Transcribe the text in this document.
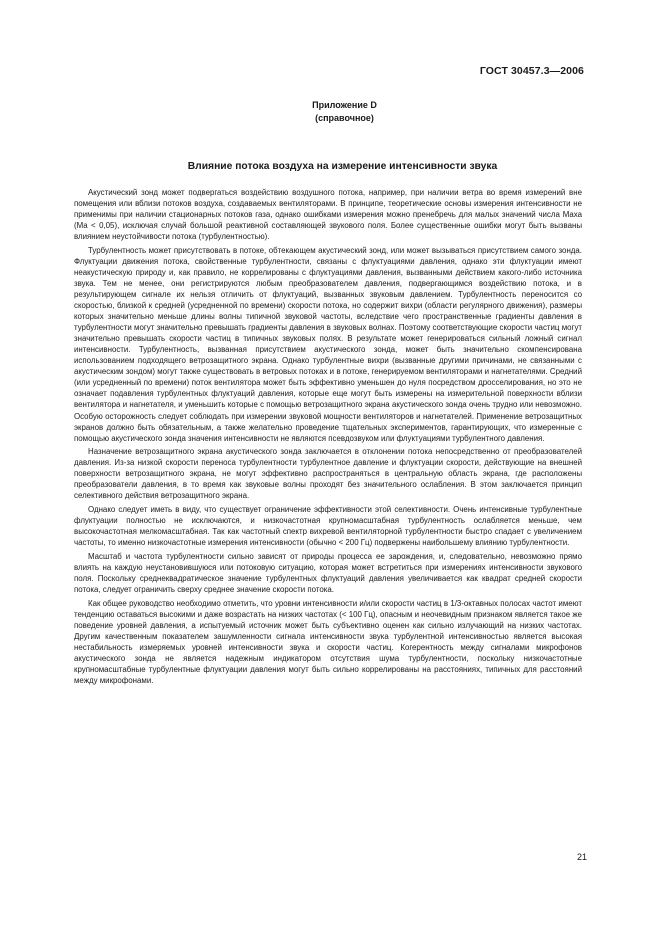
ГОСТ 30457.3—2006
Приложение D
(справочное)
Влияние потока воздуха на измерение интенсивности звука

Акустический зонд может подвергаться воздействию воздушного потока, например, при наличии ветра во время измерений вне помещения или вблизи потоков воздуха, создаваемых вентиляторами. В принципе, теоретические основы измерения интенсивности не применимы при наличии стационарных потоков газа, однако ошибками измерения можно пренебречь для малых значений числа Маха (Ma < 0,05), исключая случай большой реактивной составляющей звукового поля. Более существенные ошибки могут быть вызваны влиянием неустойчивости потока (турбулентностью).

Турбулентность может присутствовать в потоке, обтекающем акустический зонд, или может вызываться присутствием самого зонда. Флуктуации движения потока, свойственные турбулентности, связаны с флуктуациями давления, однако эти флуктуации имеют неакустическую природу и, как правило, не коррелированы с флуктуациями давления, вызванными действием какого-либо источника звука. Тем не менее, они регистрируются любым преобразователем давления, подвергающимся воздействию потока, и в результирующем сигнале их нельзя отличить от флуктуаций, вызванных звуковым давлением. Турбулентность переносится со скоростью, близкой к средней (усредненной по времени) скорости потока, но содержит вихри (области регулярного движения), размеры которых значительно меньше длины волны типичной звуковой частоты, вследствие чего пространственные градиенты давления в турбулентности могут значительно превышать градиенты давления в звуковых волнах. Поэтому соответствующие скорости частиц могут значительно превышать скорости частиц в типичных звуковых полях. В результате может генерироваться сильный ложный сигнал интенсивности. Турбулентность, вызванная присутствием акустического зонда, может быть значительно скомпенсирована использованием подходящего ветрозащитного экрана. Однако турбулентные вихри (вызванные другими причинами, не связанными с акустическим зондом) могут также существовать в ветровых потоках и в потоке, генерируемом вентиляторами и нагнетателями. Средний (или усредненный по времени) поток вентилятора может быть эффективно уменьшен до нуля посредством дросселирования, но это не означает подавления турбулентных флуктуаций давления, которые еще могут быть измерены на измерительной поверхности вблизи вентилятора и нагнетателя, и уменьшить которые с помощью ветрозащитного экрана акустического зонда очень трудно или невозможно. Особую осторожность следует соблюдать при измерении звуковой мощности вентиляторов и нагнетателей. Применение ветрозащитных экранов должно быть обязательным, а также желательно проведение тщательных экспериментов, гарантирующих, что измеренные с помощью акустического зонда значения интенсивности не являются псевдозвуком или флуктуациями турбулентного давления.

Назначение ветрозащитного экрана акустического зонда заключается в отклонении потока непосредственно от преобразователей давления. Из-за низкой скорости переноса турбулентности турбулентное давление и флуктуации скорости, действующие на внешней поверхности ветрозащитного экрана, не могут эффективно распространяться в центральную область экрана, где расположены преобразователи давления, в то время как звуковые волны проходят без значительного ослабления. В этом заключается принцип селективного действия ветрозащитного экрана.

Однако следует иметь в виду, что существует ограничение эффективности этой селективности. Очень интенсивные турбулентные флуктуации полностью не исключаются, и низкочастотная крупномасштабная турбулентность ослабляется меньше, чем высокочастотная мелкомасштабная. Так как частотный спектр вихревой вентиляторной турбулентности быстро спадает с увеличением частоты, то именно низкочастотные измерения интенсивности (обычно < 200 Гц) подвержены наибольшему влиянию турбулентности.

Масштаб и частота турбулентности сильно зависят от природы процесса ее зарождения, и, следовательно, невозможно прямо влиять на каждую неустановившуюся или потоковую ситуацию, которая может встретиться при измерениях интенсивности звукового поля. Поскольку среднеквадратическое значение турбулентных флуктуаций давления увеличивается как квадрат средней скорости потока, следует ограничить сверху среднее значение скорости потока.

Как общее руководство необходимо отметить, что уровни интенсивности и/или скорости частиц в 1/3-октавных полосах частот имеют тенденцию оставаться высокими и даже возрастать на низких частотах (< 100 Гц), опасным и неочевидным признаком является такое же поведение уровней давления, а испытуемый источник может быть субъективно оценен как сильно излучающий на низких частотах. Другим качественным показателем зашумленности сигнала интенсивности звука турбулентной интенсивностью является высокая нестабильность измеряемых уровней интенсивности звука и скорости частиц. Когерентность между сигналами микрофонов акустического зонда не является надежным индикатором отсутствия шума турбулентности, поскольку низкочастотные крупномасштабные турбулентные флуктуации давления могут быть сильно коррелированы на расстояниях, типичных для расстояний между микрофонами.

21
